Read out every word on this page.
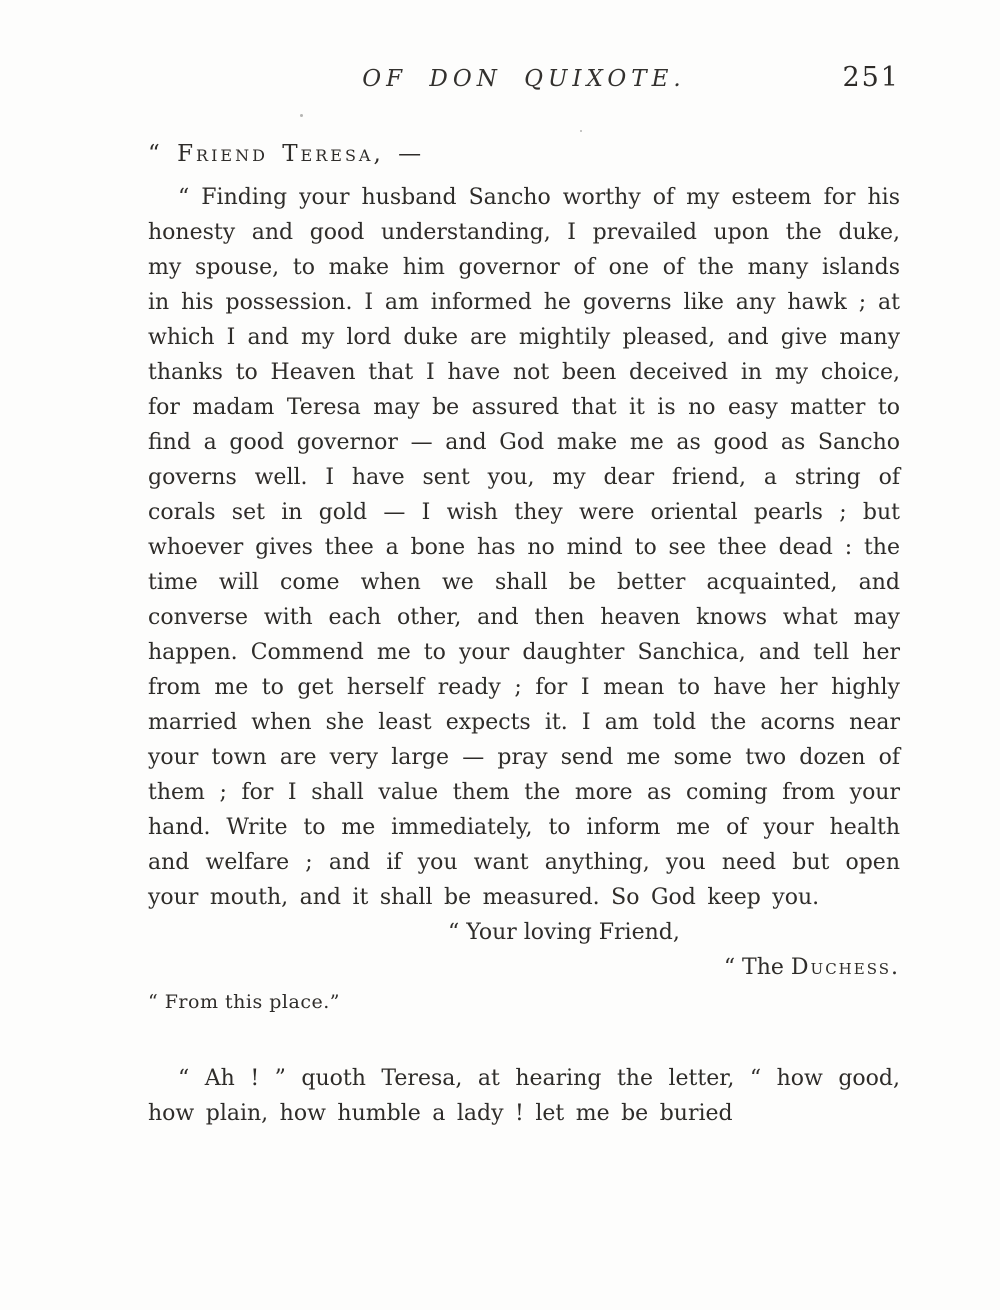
OF DON QUIXOTE.	251

“ Friend Teresa, —

“ Finding your husband Sancho worthy of my esteem for his honesty and good understanding, I prevailed upon the duke, my spouse, to make him governor of one of the many islands in his possession. I am informed he governs like any hawk ; at which I and my lord duke are mightily pleased, and give many thanks to Heaven that I have not been deceived in my choice, for madam Teresa may be assured that it is no easy matter to find a good governor — and God make me as good as Sancho governs well. I have sent you, my dear friend, a string of corals set in gold — I wish they were oriental pearls ; but whoever gives thee a bone has no mind to see thee dead : the time will come when we shall be better acquainted, and converse with each other, and then heaven knows what may happen. Commend me to your daughter Sanchica, and tell her from me to get herself ready ; for I mean to have her highly married when she least expects it. I am told the acorns near your town are very large — pray send me some two dozen of them ; for I shall value them the more as coming from your hand. Write to me immediately, to inform me of your health and welfare ; and if you want anything, you need but open your mouth, and it shall be measured. So God keep you.

“ Your loving Friend,

“ The Duchess.

“ From this place.”

“ Ah ! ” quoth Teresa, at hearing the letter, “ how good, how plain, how humble a lady ! let me be buried
